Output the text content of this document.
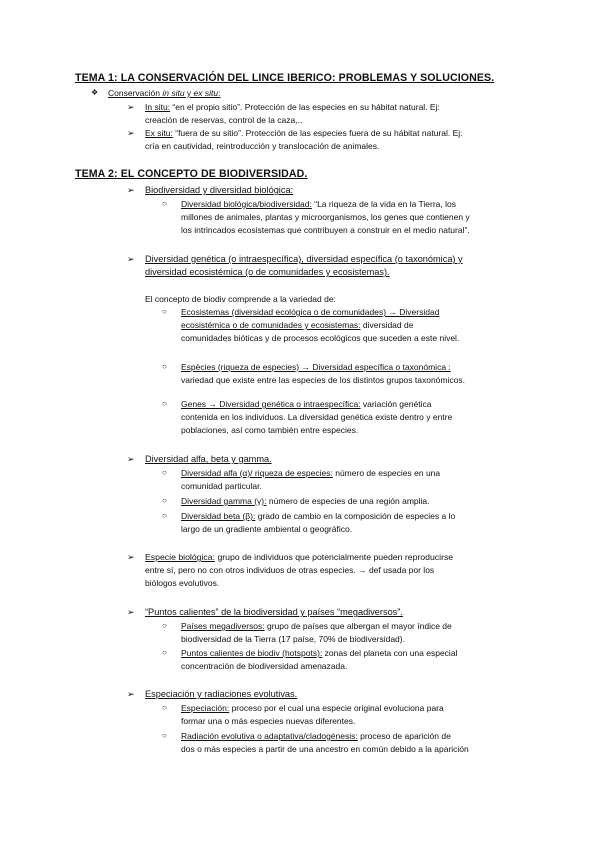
TEMA 1: LA CONSERVACIÓN DEL LINCE IBERICO: PROBLEMAS Y SOLUCIONES.
❖ Conservación in situ y ex situ:
➢ In situ: “en el propio sitio”. Protección de las especies en su hábitat natural. Ej:
creación de reservas, control de la caza,..
➢ Ex situ: “fuera de su sitio”. Protección de las especies fuera de su hábitat natural. Ej:
cría en cautividad, reintroducción y translocación de animales.
TEMA 2: EL CONCEPTO DE BIODIVERSIDAD.
➢ Biodiversidad y diversidad biológica:
○ Diversidad biológica/biodiversidad: “La riqueza de la vida en la Tierra, los
millones de animales, plantas y microorganismos, los genes que contienen y
los intrincados ecosistemas que contribuyen a construir en el medio natural”.
➢ Diversidad genética (o intraespecífica), diversidad específica (o taxonómica) y
diversidad ecosistémica (o de comunidades y ecosistemas).
El concepto de biodiv comprende a la variedad de:
○ Ecosistemas (diversidad ecológica o de comunidades) → Diversidad
ecosistémica o de comunidades y ecosistemas: diversidad de
comunidades bióticas y de procesos ecológicos que suceden a este nivel.
○ Espècies (riqueza de especies) → Diversidad específica o taxonómica :
variedad que existe entre las especies de los distintos grupos taxonómicos.
○ Genes → Diversidad genética o intraespecífica: variación genética
contenida en los individuos. La diversidad genética existe dentro y entre
poblaciones, así como también entre especies.
➢ Diversidad alfa, beta y gamma.
○ Diversidad alfa (α)/ riqueza de especies: número de especies en una
comunidad particular.
○ Diversidad gamma (γ): número de especies de una región amplia.
○ Diversidad beta (β): grado de cambio en la composición de especies a lo
largo de un gradiente ambiental o geográfico.
➢ Especie biológica: grupo de individuos que potencialmente pueden reproducirse
entre sí, pero no con otros individuos de otras especies. → def usada por los
biólogos evolutivos.
➢ “Puntos calientes” de la biodiversidad y países “megadiversos”.
○ Países megadiversos: grupo de países que albergan el mayor índice de
biodiversidad de la Tierra (17 paíse, 70% de biodiversidad).
○ Puntos calientes de biodiv (hotspots): zonas del planeta con una especial
concentración de biodiversidad amenazada.
➢ Especiación y radiaciones evolutivas.
○ Especiación: proceso por el cual una especie original evoluciona para
formar una o más especies nuevas diferentes.
○ Radiación evolutiva o adaptativa/cladogénesis: proceso de aparición de
dos o más especies a partir de una ancestro en común debido a la aparición
